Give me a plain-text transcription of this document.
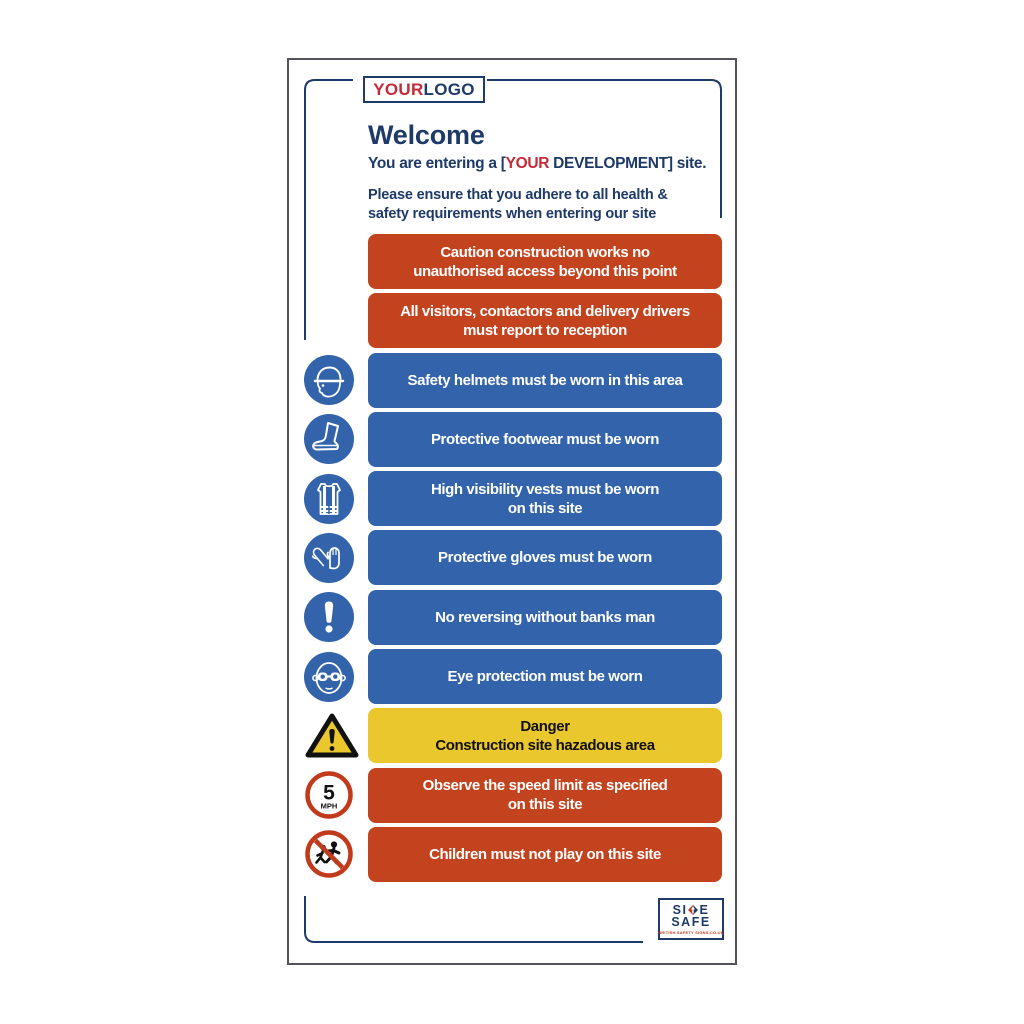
YOUR LOGO
Welcome
You are entering a [YOUR DEVELOPMENT] site.
Please ensure that you adhere to all health &
safety requirements when entering our site
Caution construction works no
unauthorised access beyond this point
All visitors, contactors and delivery drivers
must report to reception
Safety helmets must be worn in this area
Protective footwear must be worn
High visibility vests must be worn
on this site
Protective gloves must be worn
No reversing without banks man
Eye protection must be worn
Danger
Construction site hazadous area
5
MPH
Observe the speed limit as specified
on this site
Children must not play on this site
SI E
SAFE
BRITISH SAFETY SIGNS.CO.UK
